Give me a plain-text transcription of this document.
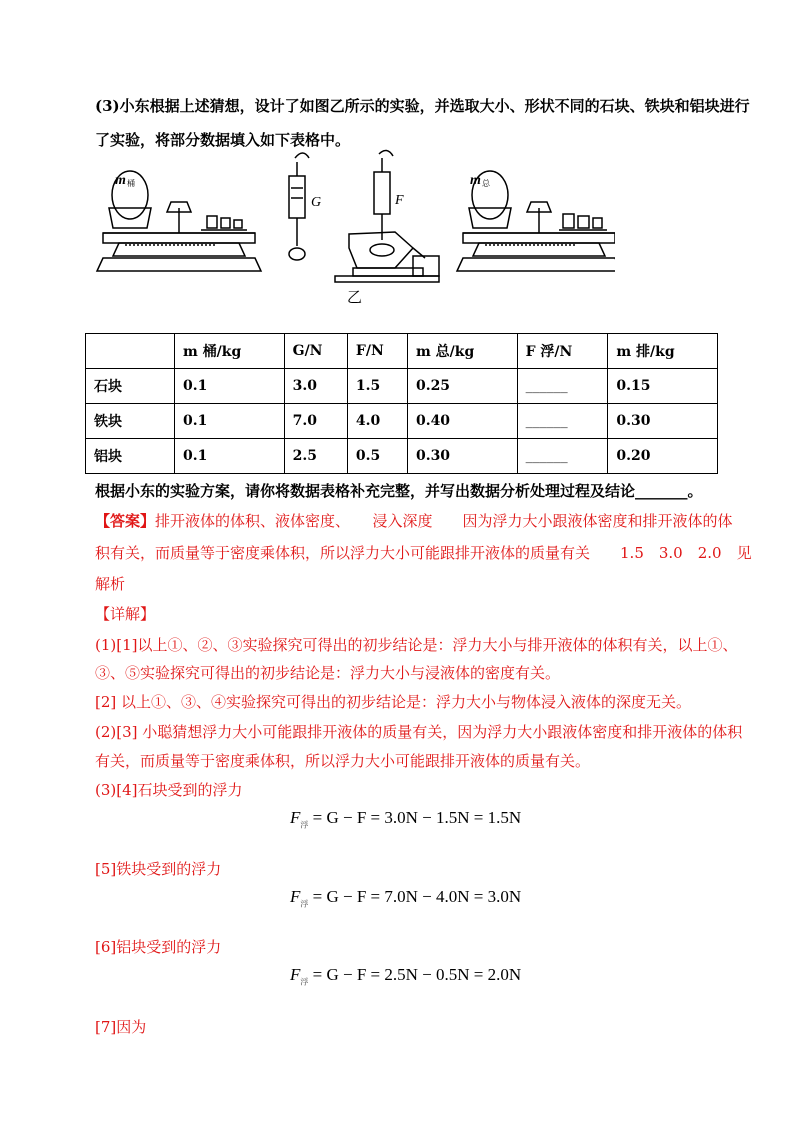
(3)小东根据上述猜想，设计了如图乙所示的实验，并选取大小、形状不同的石块、铁块和铝块进行
了实验，将部分数据填入如下表格中。
m 桶
G	F
m 总
乙
	m 桶/kg	G/N	F/N	m 总/kg	F 浮/N	m 排/kg
石块	0.1	3.0	1.5	0.25	______	0.15
铁块	0.1	7.0	4.0	0.40	______	0.30
铝块	0.1	2.5	0.5	0.30	______	0.20
根据小东的实验方案，请你将数据表格补充完整，并写出数据分析处理过程及结论_______。
【答案】排开液体的体积、液体密度、　　浸入深度　　因为浮力大小跟液体密度和排开液体的体
积有关，而质量等于密度乘体积，所以浮力大小可能跟排开液体的质量有关　　1.5　3.0　2.0　见
解析
【详解】
(1)[1]以上①、②、③实验探究可得出的初步结论是：浮力大小与排开液体的体积有关，以上①、
③、⑤实验探究可得出的初步结论是：浮力大小与浸液体的密度有关。
[2] 以上①、③、④实验探究可得出的初步结论是：浮力大小与物体浸入液体的深度无关。
(2)[3] 小聪猜想浮力大小可能跟排开液体的质量有关，因为浮力大小跟液体密度和排开液体的体积
有关，而质量等于密度乘体积，所以浮力大小可能跟排开液体的质量有关。
(3)[4]石块受到的浮力
$F_浮 = G - F = 3.0N - 1.5N = 1.5N$
[5]铁块受到的浮力
$F_浮 = G - F = 7.0N - 4.0N = 3.0N$
[6]铝块受到的浮力
$F_浮 = G - F = 2.5N - 0.5N = 2.0N$
[7]因为
